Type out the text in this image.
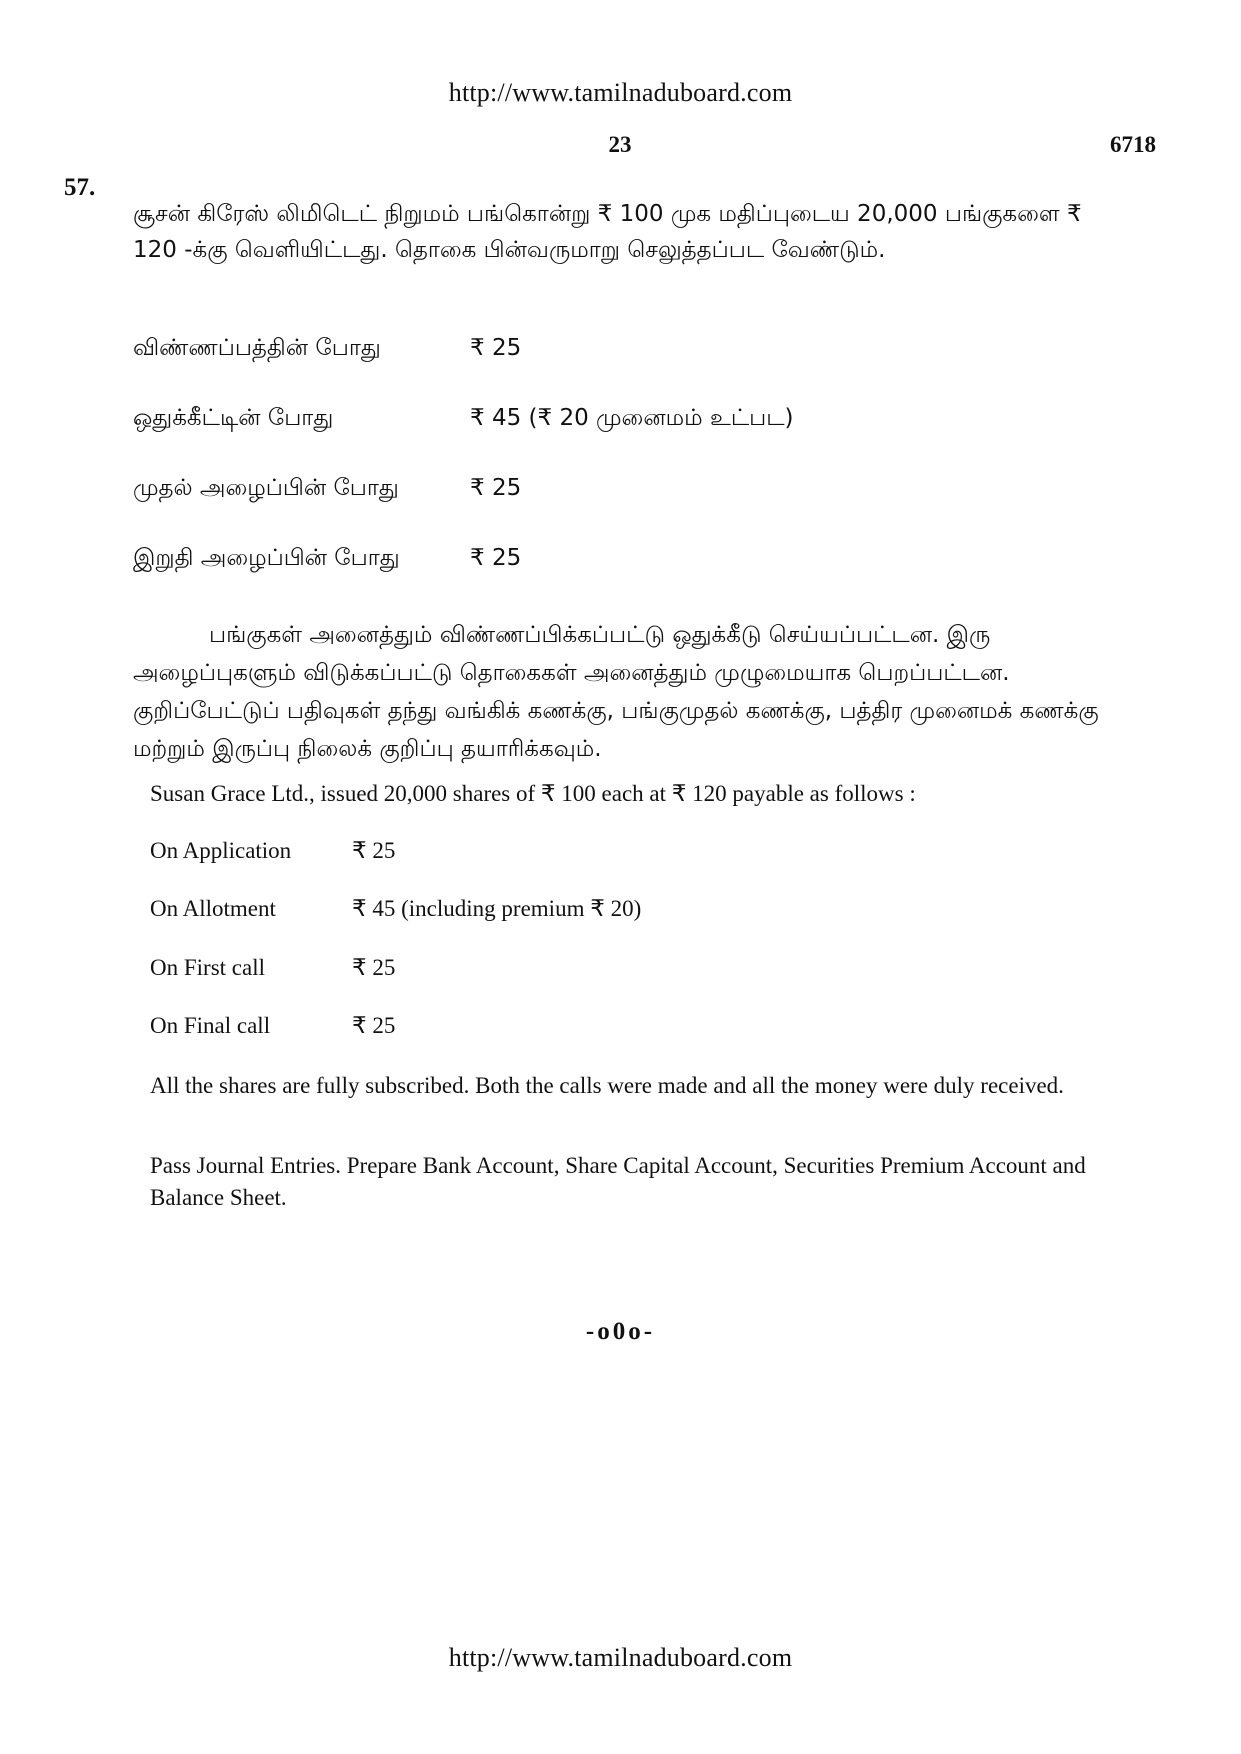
http://www.tamilnaduboard.com
23	6718
57.
சூசன் கிரேஸ் லிமிடெட் நிறுமம் பங்கொன்று ₹ 100 முக மதிப்புடைய 20,000 பங்குகளை ₹ 120 -க்கு வெளியிட்டது. தொகை பின்வருமாறு செலுத்தப்பட வேண்டும்.
விண்ணப்பத்தின் போது	₹ 25
ஒதுக்கீட்டின் போது	₹ 45 (₹ 20 முனைமம் உட்பட)
முதல் அழைப்பின் போது	₹ 25
இறுதி அழைப்பின் போது	₹ 25
பங்குகள் அனைத்தும் விண்ணப்பிக்கப்பட்டு ஒதுக்கீடு செய்யப்பட்டன. இரு அழைப்புகளும் விடுக்கப்பட்டு தொகைகள் அனைத்தும் முழுமையாக பெறப்பட்டன. குறிப்பேட்டுப் பதிவுகள் தந்து வங்கிக் கணக்கு, பங்குமுதல் கணக்கு, பத்திர முனைமக் கணக்கு மற்றும் இருப்பு நிலைக் குறிப்பு தயாரிக்கவும்.
Susan Grace Ltd., issued 20,000 shares of ₹ 100 each at ₹ 120 payable as follows :
On Application	₹ 25
On Allotment	₹ 45 (including premium ₹ 20)
On First call	₹ 25
On Final call	₹ 25
All the shares are fully subscribed. Both the calls were made and all the money were duly received.
Pass Journal Entries. Prepare Bank Account, Share Capital Account, Securities Premium Account and Balance Sheet.
-o0o-
http://www.tamilnaduboard.com
